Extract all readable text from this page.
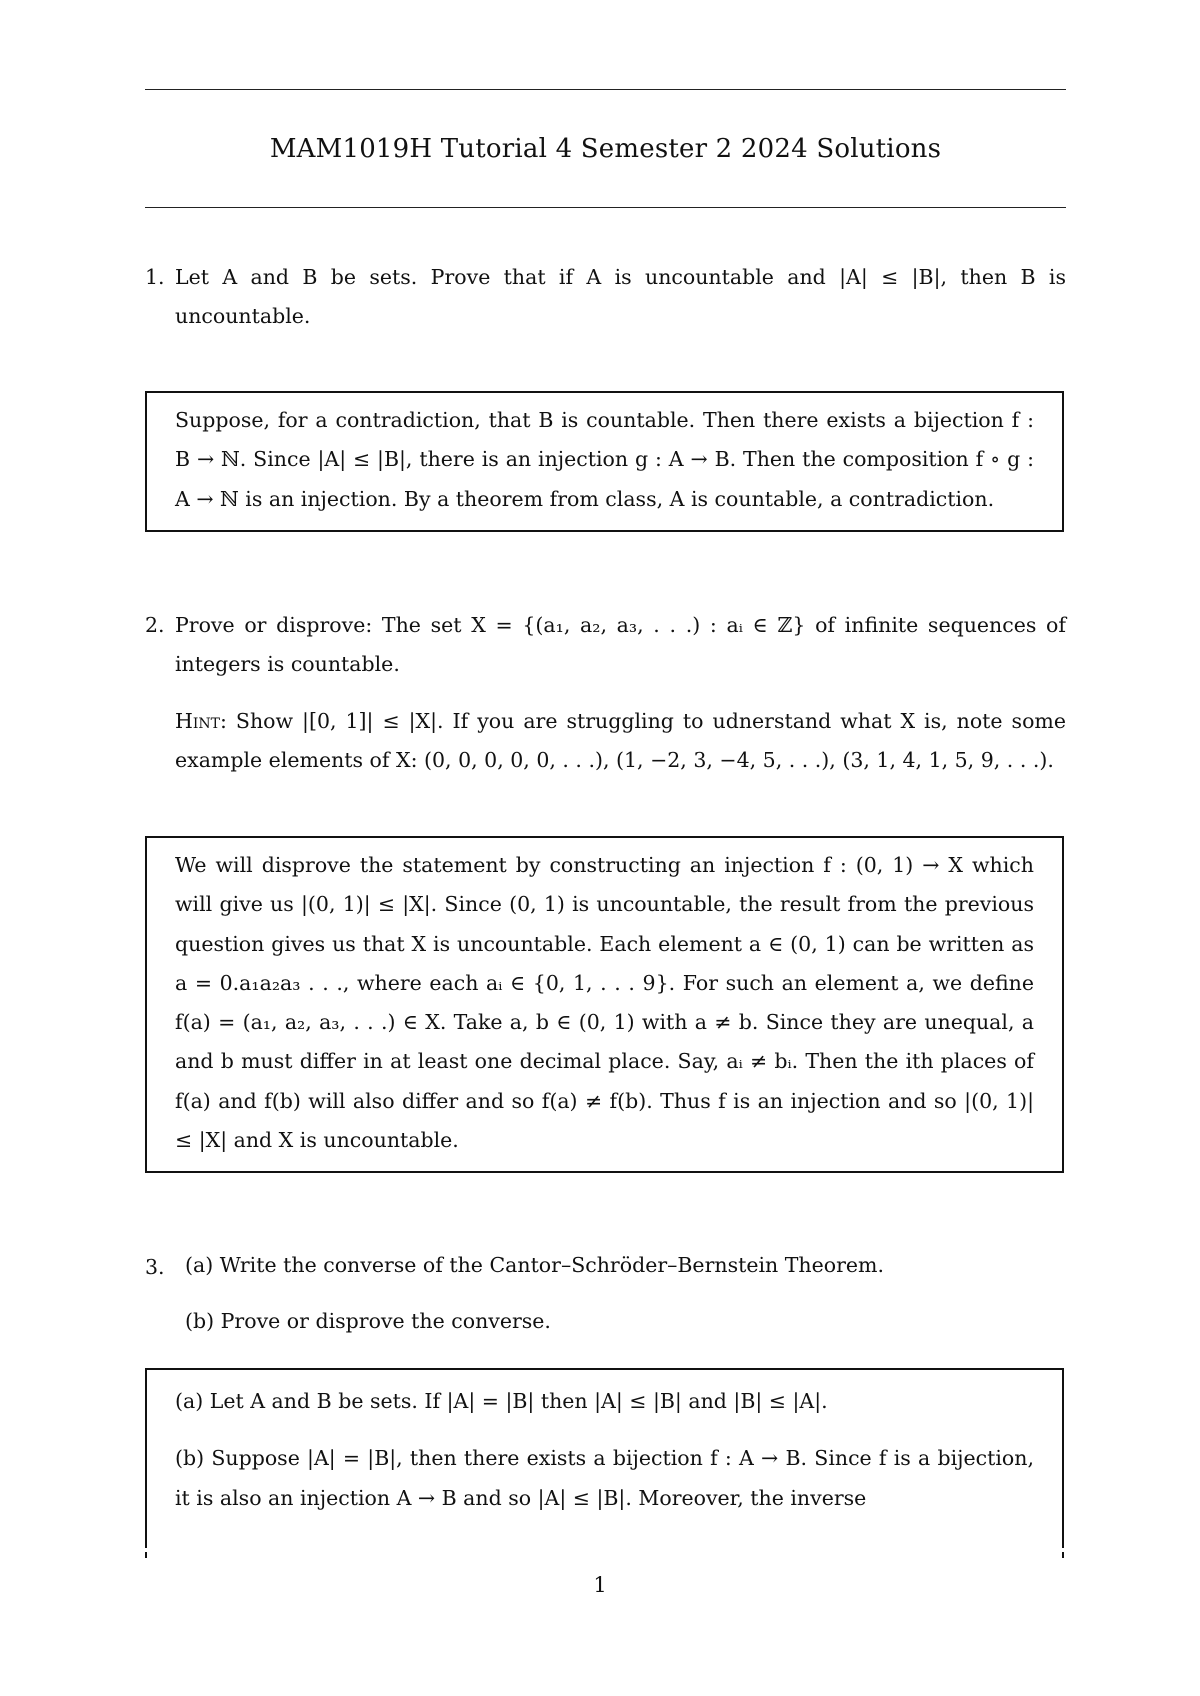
MAM1019H Tutorial 4 Semester 2 2024 Solutions
1. Let A and B be sets. Prove that if A is uncountable and |A| ≤ |B|, then B is uncountable.

Suppose, for a contradiction, that B is countable. Then there exists a bijection f : B → ℕ. Since |A| ≤ |B|, there is an injection g : A → B. Then the composition f ∘ g : A → ℕ is an injection. By a theorem from class, A is countable, a contradiction.

2. Prove or disprove: The set X = {(a₁, a₂, a₃, . . .) : aᵢ ∈ ℤ} of infinite sequences of integers is countable.

Hint: Show |[0, 1]| ≤ |X|. If you are struggling to udnerstand what X is, note some example elements of X: (0, 0, 0, 0, 0, . . .), (1, −2, 3, −4, 5, . . .), (3, 1, 4, 1, 5, 9, . . .).

We will disprove the statement by constructing an injection f : (0, 1) → X which will give us |(0, 1)| ≤ |X|. Since (0, 1) is uncountable, the result from the previous question gives us that X is uncountable. Each element a ∈ (0, 1) can be written as a = 0.a₁a₂a₃ . . ., where each aᵢ ∈ {0, 1, . . . 9}. For such an element a, we define f(a) = (a₁, a₂, a₃, . . .) ∈ X. Take a, b ∈ (0, 1) with a ≠ b. Since they are unequal, a and b must differ in at least one decimal place. Say, aᵢ ≠ bᵢ. Then the ith places of f(a) and f(b) will also differ and so f(a) ≠ f(b). Thus f is an injection and so |(0, 1)| ≤ |X| and X is uncountable.

3. (a) Write the converse of the Cantor–Schröder–Bernstein Theorem.
(b) Prove or disprove the converse.

(a) Let A and B be sets. If |A| = |B| then |A| ≤ |B| and |B| ≤ |A|.

(b) Suppose |A| = |B|, then there exists a bijection f : A → B. Since f is a bijection, it is also an injection A → B and so |A| ≤ |B|. Moreover, the inverse

1
